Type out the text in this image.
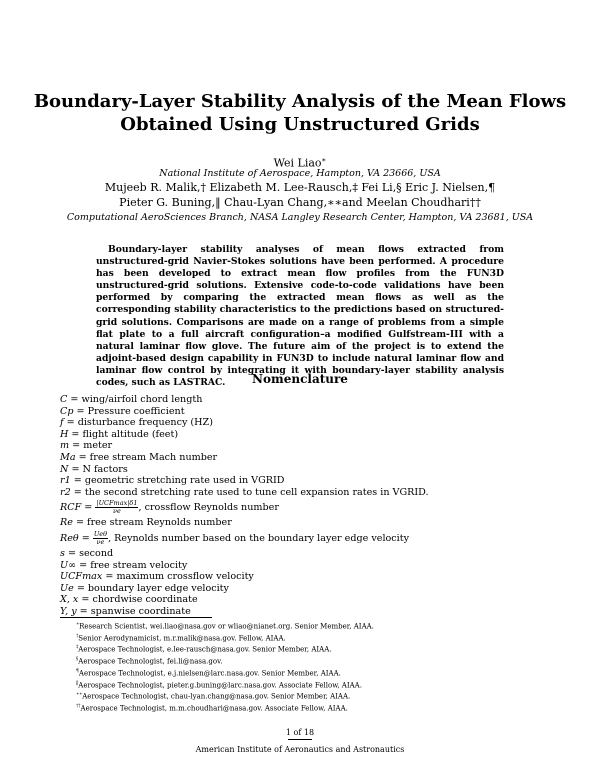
Boundary-Layer Stability Analysis of the Mean Flows
Obtained Using Unstructured Grids
Wei Liao∗
National Institute of Aerospace, Hampton, VA 23666, USA
Mujeeb R. Malik,† Elizabeth M. Lee-Rausch,‡ Fei Li,§ Eric J. Nielsen,¶
Pieter G. Buning,‖ Chau-Lyan Chang,∗∗and Meelan Choudhari††
Computational AeroSciences Branch, NASA Langley Research Center, Hampton, VA 23681, USA
Boundary-layer stability analyses of mean flows extracted from unstructured-grid Navier-Stokes solutions have been performed. A procedure has been developed to extract mean flow profiles from the FUN3D unstructured-grid solutions. Extensive code-to-code validations have been performed by comparing the extracted mean flows as well as the corresponding stability characteristics to the predictions based on structured-grid solutions. Comparisons are made on a range of problems from a simple flat plate to a full aircraft configuration–a modified Gulfstream-III with a natural laminar flow glove. The future aim of the project is to extend the adjoint-based design capability in FUN3D to include natural laminar flow and laminar flow control by integrating it with boundary-layer stability analysis codes, such as LASTRAC.	Nomenclature
C = wing/airfoil chord length
Cp = Pressure coefficient
f = disturbance frequency (HZ)
H = flight altitude (feet)
m = meter
Ma = free stream Mach number
N = N factors
r1 = geometric stretching rate used in VGRID
r2 = the second stretching rate used to tune cell expansion rates in VGRID.
RCF = $\frac{\text{|UCFmax|δ1}}{\nu e}$ , crossflow Reynolds number
Re = free stream Reynolds number
$Re\theta = \frac{\text{Ueθ}}{\nu e}$ , Reynolds number based on the boundary layer edge velocity
s = second
U∞ = free stream velocity
UCFmax = maximum crossflow velocity
Ue = boundary layer edge velocity
X, x = chordwise coordinate
Y, y = spanwise coordinate
∗Research Scientist, wei.liao@nasa.gov or wliao@nianet.org. Senior Member, AIAA.
†Senior Aerodynamicist, m.r.malik@nasa.gov. Fellow, AIAA.
‡Aerospace Technologist, e.lee-rausch@nasa.gov. Senior Member, AIAA.
§Aerospace Technologist, fei.li@nasa.gov.
¶Aerospace Technologist, e.j.nielsen@larc.nasa.gov. Senior Member, AIAA.
‖Aerospace Technologist, pieter.g.buning@larc.nasa.gov. Associate Fellow, AIAA.
∗∗Aerospace Technologist, chau-lyan.chang@nasa.gov. Senior Member, AIAA.
††Aerospace Technologist, m.m.choudhari@nasa.gov. Associate Fellow, AIAA.
1 of 18
American Institute of Aeronautics and Astronautics
